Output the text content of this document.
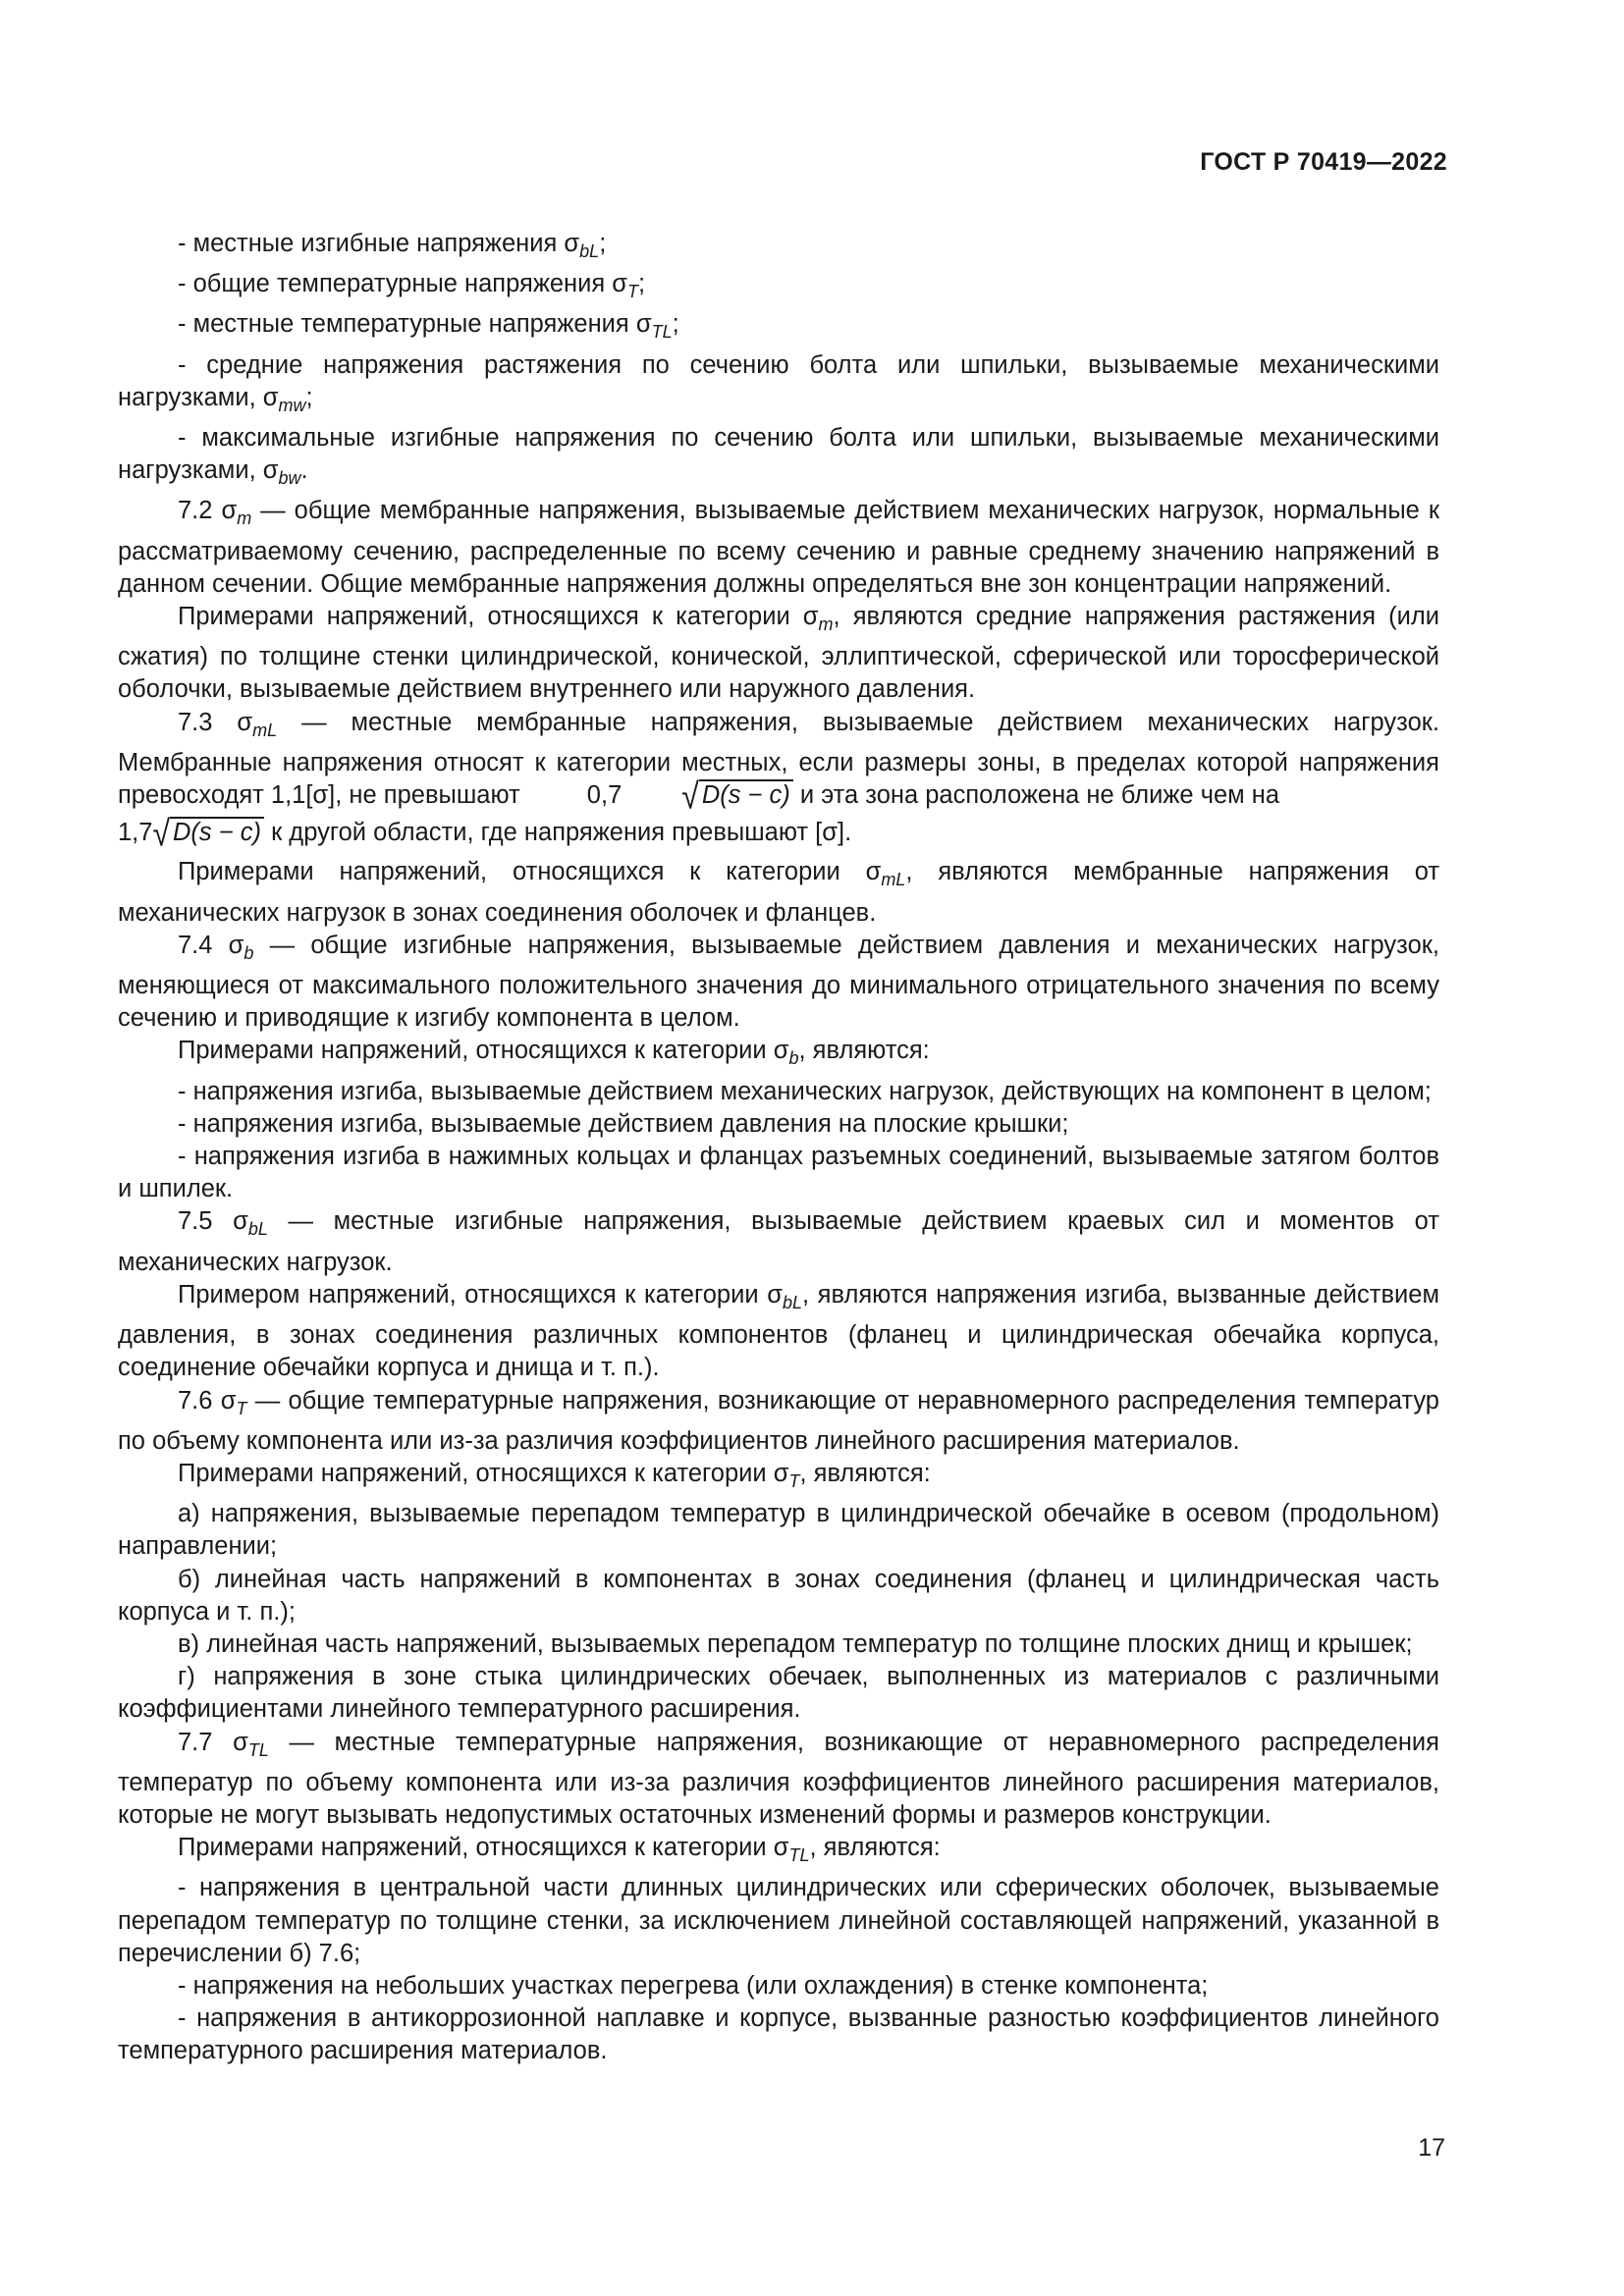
ГОСТ Р 70419—2022

- местные изгибные напряжения $\sigma_{bL}$;

- общие температурные напряжения $\sigma_T$;

- местные температурные напряжения $\sigma_{TL}$;

- средние напряжения растяжения по сечению болта или шпильки, вызываемые механическими нагрузками, $\sigma_{mw}$;

- максимальные изгибные напряжения по сечению болта или шпильки, вызываемые механическими нагрузками, $\sigma_{bw}$.

7.2 $\sigma_m$ — общие мембранные напряжения, вызываемые действием механических нагрузок, нормальные к рассматриваемому сечению, распределенные по всему сечению и равные среднему значению напряжений в данном сечении. Общие мембранные напряжения должны определяться вне зон концентрации напряжений.

Примерами напряжений, относящихся к категории $\sigma_m$, являются средние напряжения растяжения (или сжатия) по толщине стенки цилиндрической, конической, эллиптической, сферической или торосферической оболочки, вызываемые действием внутреннего или наружного давления.

7.3 $\sigma_{mL}$ — местные мембранные напряжения, вызываемые действием механических нагрузок. Мембранные напряжения относят к категории местных, если размеры зоны, в пределах которой напряжения превосходят 1,1[σ], не превышают 0,7 √ D(s − c) и эта зона расположена не ближе чем на

1,7√ D(s − c) к другой области, где напряжения превышают [σ].

Примерами напряжений, относящихся к категории $\sigma_{mL}$, являются мембранные напряжения от механических нагрузок в зонах соединения оболочек и фланцев.

7.4 $\sigma_b$ — общие изгибные напряжения, вызываемые действием давления и механических нагрузок, меняющиеся от максимального положительного значения до минимального отрицательного значения по всему сечению и приводящие к изгибу компонента в целом.

Примерами напряжений, относящихся к категории $\sigma_b$, являются:

- напряжения изгиба, вызываемые действием механических нагрузок, действующих на компонент в целом;

- напряжения изгиба, вызываемые действием давления на плоские крышки;

- напряжения изгиба в нажимных кольцах и фланцах разъемных соединений, вызываемые затягом болтов и шпилек.

7.5 $\sigma_{bL}$ — местные изгибные напряжения, вызываемые действием краевых сил и моментов от механических нагрузок.

Примером напряжений, относящихся к категории $\sigma_{bL}$, являются напряжения изгиба, вызванные действием давления, в зонах соединения различных компонентов (фланец и цилиндрическая обечайка корпуса, соединение обечайки корпуса и днища и т. п.).

7.6 $\sigma_T$ — общие температурные напряжения, возникающие от неравномерного распределения температур по объему компонента или из-за различия коэффициентов линейного расширения материалов.

Примерами напряжений, относящихся к категории $\sigma_T$, являются:

а) напряжения, вызываемые перепадом температур в цилиндрической обечайке в осевом (продольном) направлении;

б) линейная часть напряжений в компонентах в зонах соединения (фланец и цилиндрическая часть корпуса и т. п.);

в) линейная часть напряжений, вызываемых перепадом температур по толщине плоских днищ и крышек;

г) напряжения в зоне стыка цилиндрических обечаек, выполненных из материалов с различными коэффициентами линейного температурного расширения.

7.7 $\sigma_{TL}$ — местные температурные напряжения, возникающие от неравномерного распределения температур по объему компонента или из-за различия коэффициентов линейного расширения материалов, которые не могут вызывать недопустимых остаточных изменений формы и размеров конструкции.

Примерами напряжений, относящихся к категории $\sigma_{TL}$, являются:

- напряжения в центральной части длинных цилиндрических или сферических оболочек, вызываемые перепадом температур по толщине стенки, за исключением линейной составляющей напряжений, указанной в перечислении б) 7.6;

- напряжения на небольших участках перегрева (или охлаждения) в стенке компонента;

- напряжения в антикоррозионной наплавке и корпусе, вызванные разностью коэффициентов линейного температурного расширения материалов.

17
